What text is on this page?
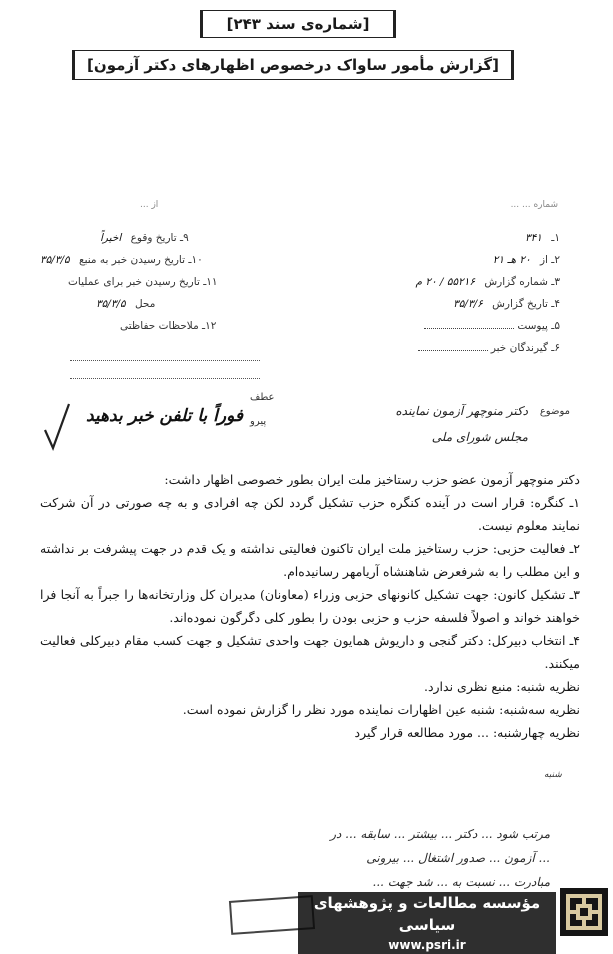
[شماره‌ی سند ۲۴۳]
[گزارش مأمور ساواک درخصوص اظهارهای دکتر آزمون]
شماره ... ...
از ...
۱ـ ۳۴۱
۲ـ از ۲۰ هـ ۲۱
۳ـ شماره گزارش ۵۵۲۱۶ / ۲۰ م
۴ـ تاریخ گزارش ۳۵/۳/۶
۵ـ پیوست
۶ـ گیرندگان خبر
۹ـ تاریخ وقوع اخیراً
۱۰ـ تاریخ رسیدن خبر به منبع ۳۵/۳/۵
۱۱ـ تاریخ رسیدن خبر برای عملیات
محل ۳۵/۳/۵
۱۲ـ ملاحظات حفاظتی
موضوع
دکتر منوچهر آزمون نماینده
مجلس شورای ملی
عطف
پیرو
فوراً با تلفن خبر بدهید

دکتر منوچهر آزمون عضو حزب رستاخیز ملت ایران بطور خصوصی اظهار داشت:

۱ـ کنگره: قرار است در آینده کنگره حزب تشکیل گردد لکن چه افرادی و به چه صورتی در آن شرکت نمایند معلوم نیست.

۲ـ فعالیت حزبی: حزب رستاخیز ملت ایران تاکنون فعالیتی نداشته و یک قدم در جهت پیشرفت بر نداشته و این مطلب را به شرفعرض شاهنشاه آریامهر رسانیده‌ام.

۳ـ تشکیل کانون: جهت تشکیل کانونهای حزبی وزراء (معاونان) مدیران کل وزارتخانه‌ها را جبراً به آنجا فرا خواهند خواند و اصولاً فلسفه حزب و حزبی بودن را بطور کلی دگرگون نموده‌اند.

۴ـ انتخاب دبیرکل: دکتر گنجی و داریوش همایون جهت واحدی تشکیل و جهت کسب مقام دبیرکلی فعالیت میکنند.

نظریه شنبه: منبع نظری ندارد.

نظریه سه‌شنبه: شنبه عین اظهارات نماینده مورد نظر را گزارش نموده است.

نظریه چهارشنبه: ... مورد مطالعه قرار گیرد

شنبه

مرتب شود ... دکتر ... بیشتر ... سابقه ... در

... آزمون ... صدور اشتغال ... بیرونی

مبادرت ... نسبت به ... شد جهت ...

مؤسسه مطالعات و پژوهشهای سیاسی
www.psri.ir
